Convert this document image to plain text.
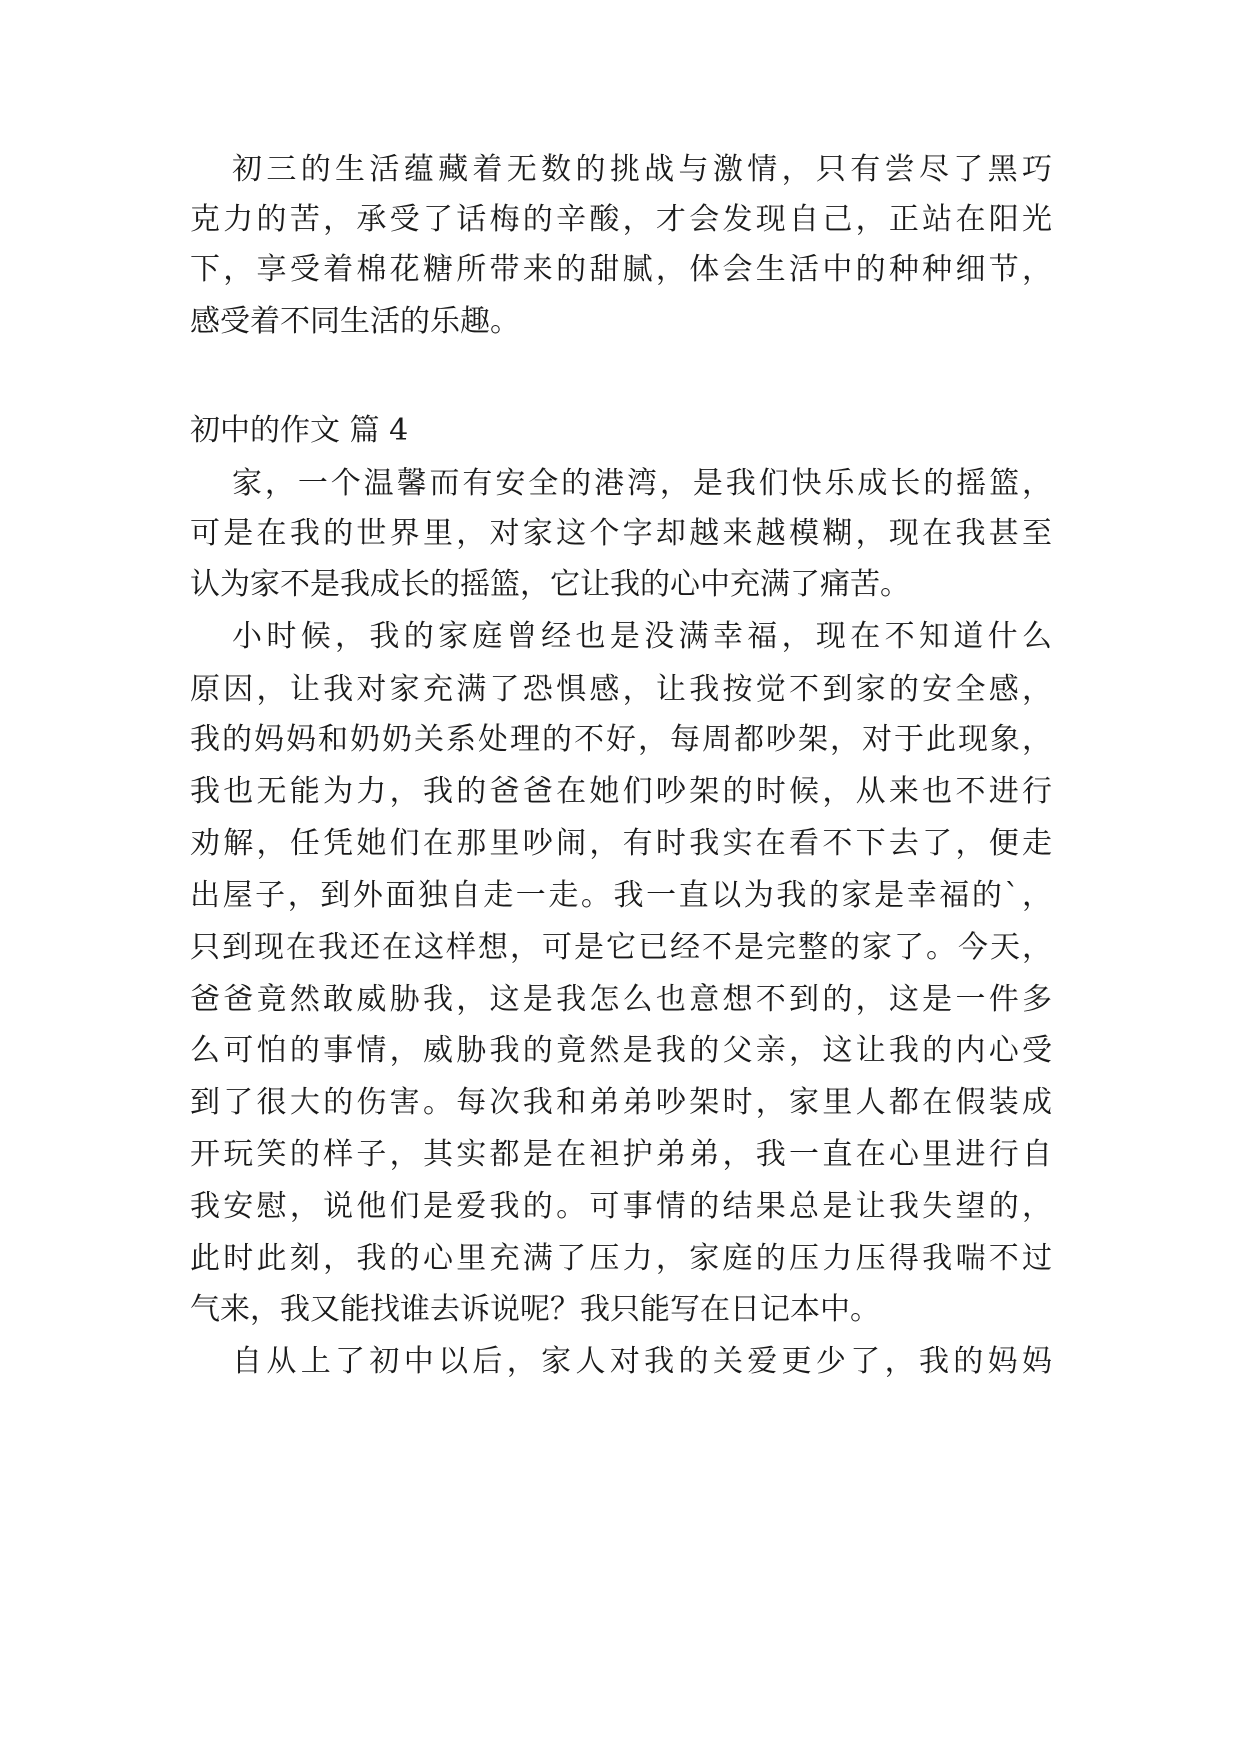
初三的生活蕴藏着无数的挑战与激情，只有尝尽了黑巧
克力的苦，承受了话梅的辛酸，才会发现自己，正站在阳光
下，享受着棉花糖所带来的甜腻，体会生活中的种种细节，
感受着不同生活的乐趣。
初中的作文 篇 4
家，一个温馨而有安全的港湾，是我们快乐成长的摇篮，
可是在我的世界里，对家这个字却越来越模糊，现在我甚至
认为家不是我成长的摇篮，它让我的心中充满了痛苦。
小时候，我的家庭曾经也是没满幸福，现在不知道什么
原因，让我对家充满了恐惧感，让我按觉不到家的安全感，
我的妈妈和奶奶关系处理的不好，每周都吵架，对于此现象，
我也无能为力，我的爸爸在她们吵架的时候，从来也不进行
劝解，任凭她们在那里吵闹，有时我实在看不下去了，便走
出屋子，到外面独自走一走。我一直以为我的家是幸福的`，
只到现在我还在这样想，可是它已经不是完整的家了。今天，
爸爸竟然敢威胁我，这是我怎么也意想不到的，这是一件多
么可怕的事情，威胁我的竟然是我的父亲，这让我的内心受
到了很大的伤害。每次我和弟弟吵架时，家里人都在假装成
开玩笑的样子，其实都是在袒护弟弟，我一直在心里进行自
我安慰，说他们是爱我的。可事情的结果总是让我失望的，
此时此刻，我的心里充满了压力，家庭的压力压得我喘不过
气来，我又能找谁去诉说呢？我只能写在日记本中。
自从上了初中以后，家人对我的关爱更少了，我的妈妈
